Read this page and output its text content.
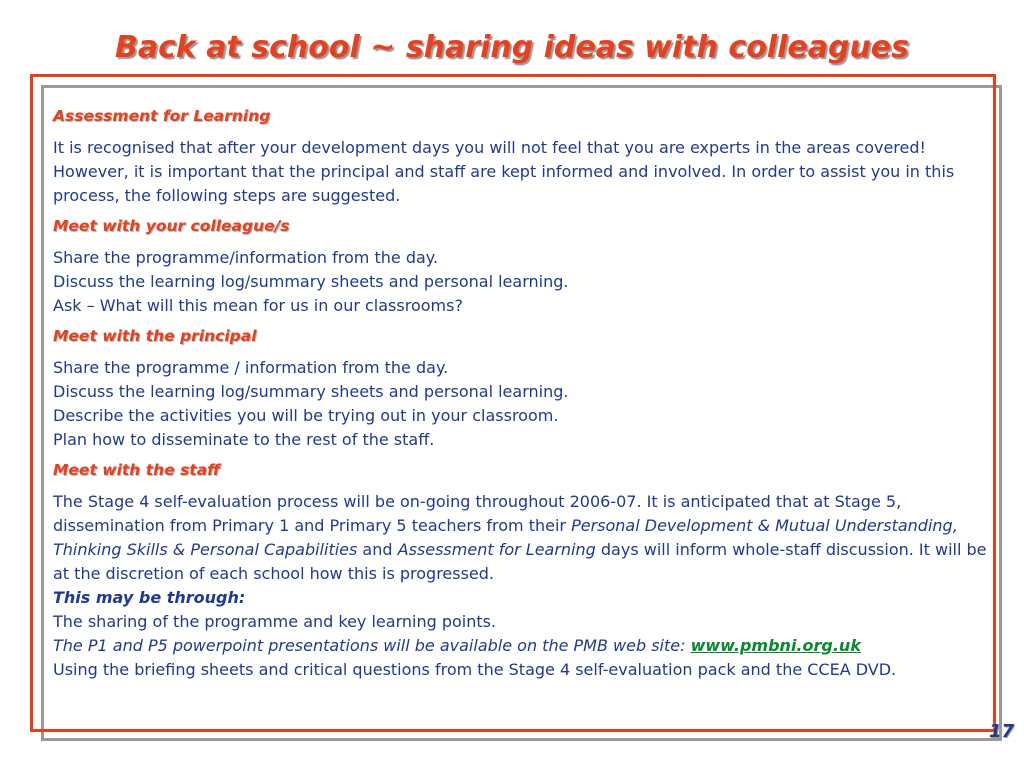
Back at school ~ sharing ideas with colleagues
Assessment for Learning

It is recognised that after your development days you will not feel that you are experts in the areas covered! However, it is important that the principal and staff are kept informed and involved. In order to assist you in this process, the following steps are suggested.

Meet with your colleague/s

Share the programme/information from the day.
Discuss the learning log/summary sheets and personal learning.
Ask – What will this mean for us in our classrooms?

Meet with the principal

Share the programme / information from the day.
Discuss the learning log/summary sheets and personal learning.
Describe the activities you will be trying out in your classroom.
Plan how to disseminate to the rest of the staff.

Meet with the staff

The Stage 4 self-evaluation process will be on-going throughout 2006-07. It is anticipated that at Stage 5, dissemination from Primary 1 and Primary 5 teachers from their Personal Development & Mutual Understanding, Thinking Skills & Personal Capabilities and Assessment for Learning days will inform whole-staff discussion. It will be at the discretion of each school how this is progressed.

This may be through:
The sharing of the programme and key learning points.
The P1 and P5 powerpoint presentations will be available on the PMB web site: www.pmbni.org.uk
Using the briefing sheets and critical questions from the Stage 4 self-evaluation pack and the CCEA DVD.

17
